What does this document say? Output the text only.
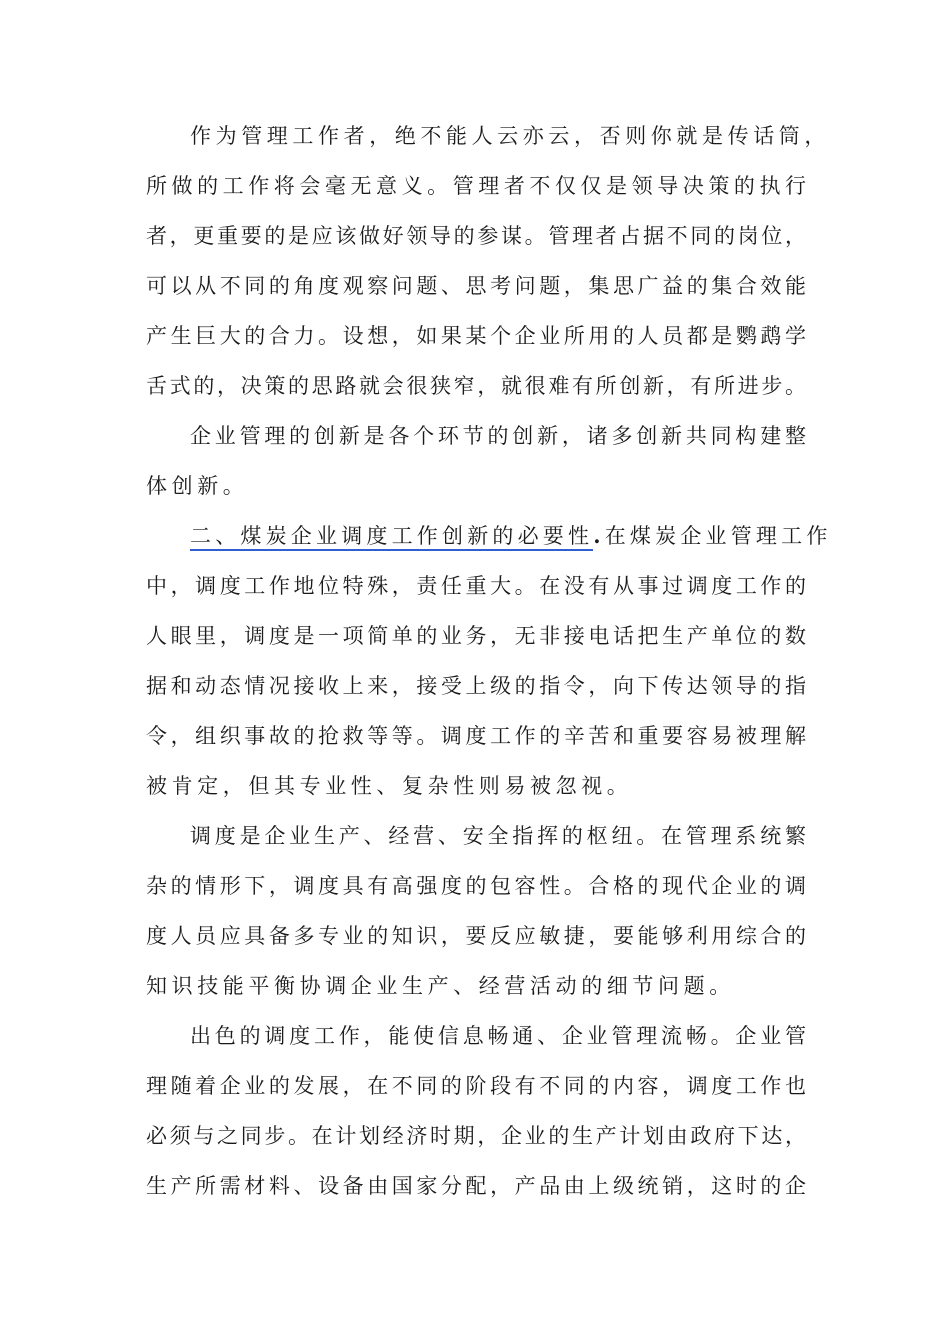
作为管理工作者，绝不能人云亦云，否则你就是传话筒，
所做的工作将会毫无意义。管理者不仅仅是领导决策的执行
者，更重要的是应该做好领导的参谋。管理者占据不同的岗位，
可以从不同的角度观察问题、思考问题，集思广益的集合效能
产生巨大的合力。设想，如果某个企业所用的人员都是鹦鹉学
舌式的，决策的思路就会很狭窄，就很难有所创新，有所进步。
企业管理的创新是各个环节的创新，诸多创新共同构建整
体创新。
二、煤炭企业调度工作创新的必要性.在煤炭企业管理工作
中，调度工作地位特殊，责任重大。在没有从事过调度工作的
人眼里，调度是一项简单的业务，无非接电话把生产单位的数
据和动态情况接收上来，接受上级的指令，向下传达领导的指
令，组织事故的抢救等等。调度工作的辛苦和重要容易被理解
被肯定，但其专业性、复杂性则易被忽视。
调度是企业生产、经营、安全指挥的枢纽。在管理系统繁
杂的情形下，调度具有高强度的包容性。合格的现代企业的调
度人员应具备多专业的知识，要反应敏捷，要能够利用综合的
知识技能平衡协调企业生产、经营活动的细节问题。
出色的调度工作，能使信息畅通、企业管理流畅。企业管
理随着企业的发展，在不同的阶段有不同的内容，调度工作也
必须与之同步。在计划经济时期，企业的生产计划由政府下达，
生产所需材料、设备由国家分配，产品由上级统销，这时的企
